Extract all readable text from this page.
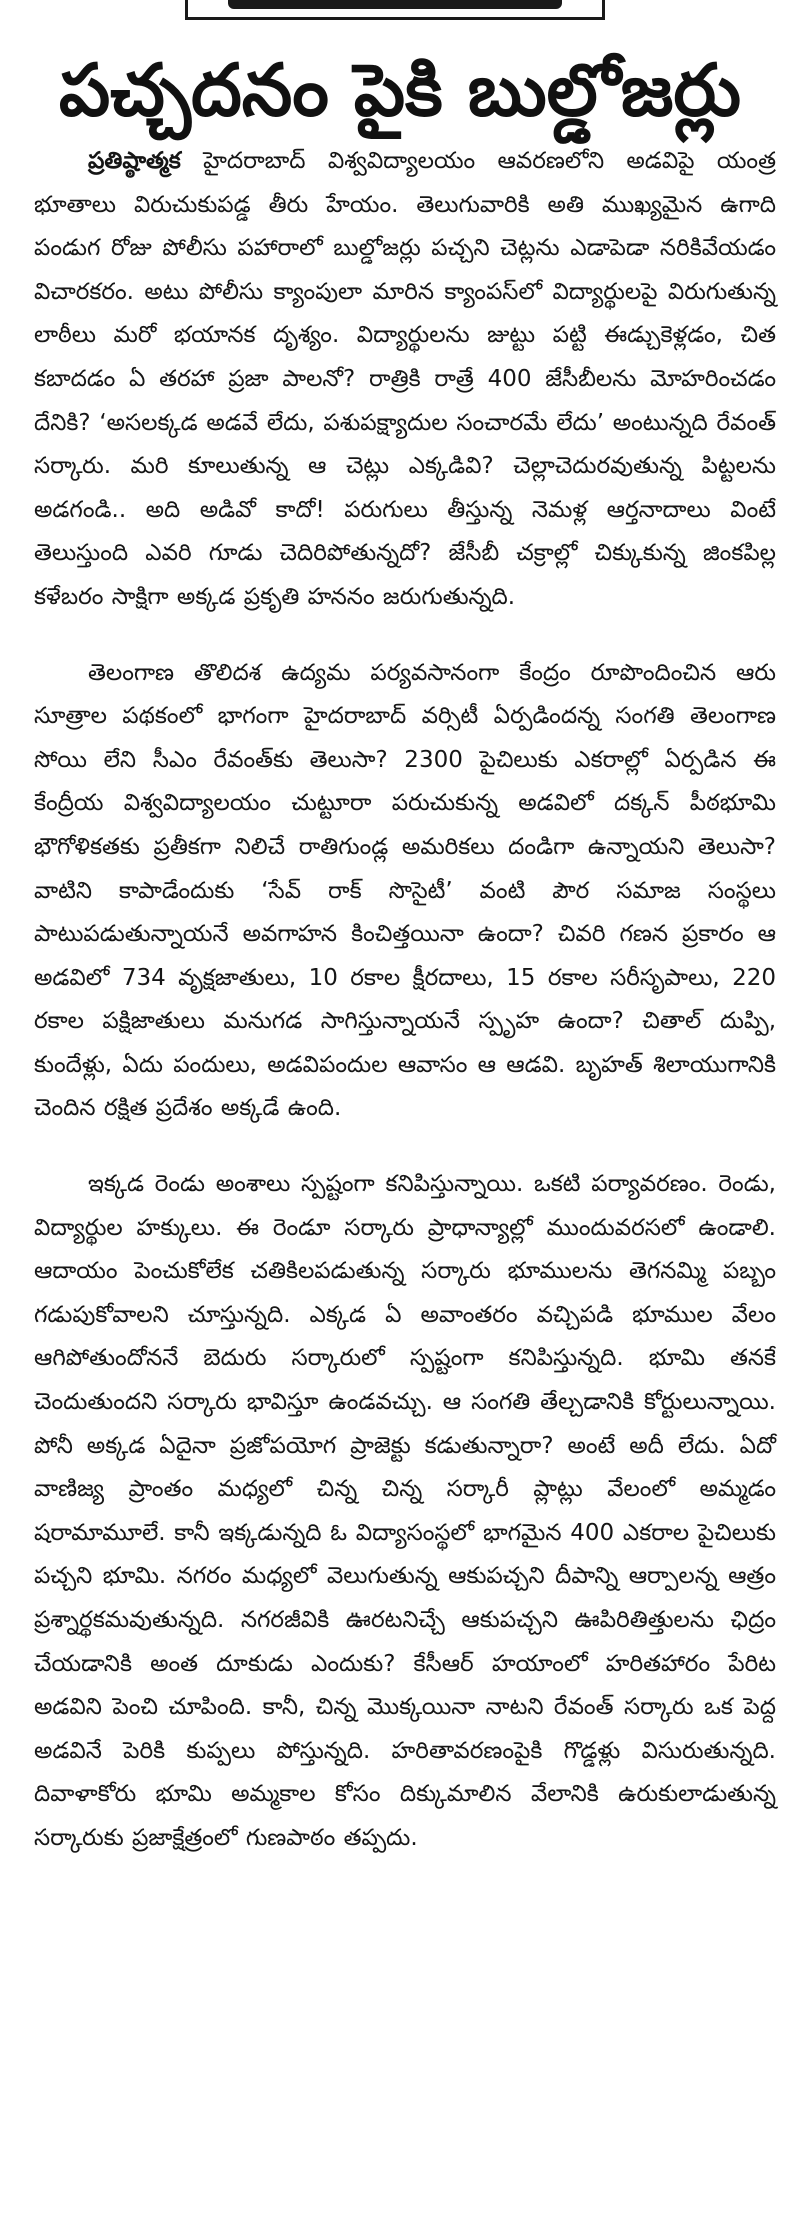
పచ్చదనం పైకి బుల్డోజర్లు

ప్రతిష్ఠాత్మక హైదరాబాద్ విశ్వవిద్యాలయం ఆవరణలోని అడవిపై యంత్ర భూతాలు విరుచుకుపడ్డ తీరు హేయం. తెలుగువారికి అతి ముఖ్యమైన ఉగాది పండుగ రోజు పోలీసు పహారాలో బుల్డోజర్లు పచ్చని చెట్లను ఎడాపెడా నరికివేయడం విచారకరం. అటు పోలీసు క్యాంపులా మారిన క్యాంపస్‌లో విద్యార్థులపై విరుగుతున్న లాఠీలు మరో భయానక దృశ్యం. విద్యార్థులను జుట్టు పట్టి ఈడ్చుకెళ్లడం, చిత కబాదడం ఏ తరహా ప్రజా పాలనో? రాత్రికి రాత్రే 400 జేసీబీలను మోహరించడం దేనికి? ‘అసలక్కడ అడవే లేదు, పశుపక్ష్యాదుల సంచారమే లేదు’ అంటున్నది రేవంత్ సర్కారు. మరి కూలుతున్న ఆ చెట్లు ఎక్కడివి? చెల్లాచెదురవుతున్న పిట్టలను అడగండి.. అది అడివో కాదో! పరుగులు తీస్తున్న నెమళ్ల ఆర్తనాదాలు వింటే తెలుస్తుంది ఎవరి గూడు చెదిరిపోతున్నదో? జేసీబీ చక్రాల్లో చిక్కుకున్న జింకపిల్ల కళేబరం సాక్షిగా అక్కడ ప్రకృతి హననం జరుగుతున్నది.

తెలంగాణ తొలిదశ ఉద్యమ పర్యవసానంగా కేంద్రం రూపొందించిన ఆరు సూత్రాల పథకంలో భాగంగా హైదరాబాద్ వర్సిటీ ఏర్పడిందన్న సంగతి తెలంగాణ సోయి లేని సీఎం రేవంత్‌కు తెలుసా? 2300 పైచిలుకు ఎకరాల్లో ఏర్పడిన ఈ కేంద్రీయ విశ్వవిద్యాలయం చుట్టూరా పరుచుకున్న అడవిలో దక్కన్ పీఠభూమి భౌగోళికతకు ప్రతీకగా నిలిచే రాతిగుండ్ల అమరికలు దండిగా ఉన్నాయని తెలుసా? వాటిని కాపాడేందుకు ‘సేవ్ రాక్ సొసైటీ’ వంటి పౌర సమాజ సంస్థలు పాటుపడుతున్నాయనే అవగాహన కించిత్తయినా ఉందా? చివరి గణన ప్రకారం ఆ అడవిలో 734 వృక్షజాతులు, 10 రకాల క్షీరదాలు, 15 రకాల సరీసృపాలు, 220 రకాల పక్షిజాతులు మనుగడ సాగిస్తున్నాయనే స్పృహ ఉందా? చితాల్ దుప్పి, కుందేళ్లు, ఏదు పందులు, అడవిపందుల ఆవాసం ఆ ఆడవి. బృహత్ శిలాయుగానికి చెందిన రక్షిత ప్రదేశం అక్కడే ఉంది.

ఇక్కడ రెండు అంశాలు స్పష్టంగా కనిపిస్తున్నాయి. ఒకటి పర్యావరణం. రెండు, విద్యార్థుల హక్కులు. ఈ రెండూ సర్కారు ప్రాధాన్యాల్లో ముందువరసలో ఉండాలి. ఆదాయం పెంచుకోలేక చతికిలపడుతున్న సర్కారు భూములను తెగనమ్మి పబ్బం గడుపుకోవాలని చూస్తున్నది. ఎక్కడ ఏ అవాంతరం వచ్చిపడి భూముల వేలం ఆగిపోతుందోననే బెదురు సర్కారులో స్పష్టంగా కనిపిస్తున్నది. భూమి తనకే చెందుతుందని సర్కారు భావిస్తూ ఉండవచ్చు. ఆ సంగతి తేల్చడానికి కోర్టులున్నాయి. పోనీ అక్కడ ఏదైనా ప్రజోపయోగ ప్రాజెక్టు కడుతున్నారా? అంటే అదీ లేదు. ఏదో వాణిజ్య ప్రాంతం మధ్యలో చిన్న చిన్న సర్కారీ ప్లాట్లు వేలంలో అమ్మడం షరామామూలే. కానీ ఇక్కడున్నది ఓ విద్యాసంస్థలో భాగమైన 400 ఎకరాల పైచిలుకు పచ్చని భూమి. నగరం మధ్యలో వెలుగుతున్న ఆకుపచ్చని దీపాన్ని ఆర్పాలన్న ఆత్రం ప్రశ్నార్థకమవుతున్నది. నగరజీవికి ఊరటనిచ్చే ఆకుపచ్చని ఊపిరితిత్తులను ఛిద్రం చేయడానికి అంత దూకుడు ఎందుకు? కేసీఆర్ హయాంలో హరితహారం పేరిట అడవిని పెంచి చూపింది. కానీ, చిన్న మొక్కయినా నాటని రేవంత్ సర్కారు ఒక పెద్ద అడవినే పెరికి కుప్పలు పోస్తున్నది. హరితావరణంపైకి గొడ్డళ్లు విసురుతున్నది. దివాళాకోరు భూమి అమ్మకాల కోసం దిక్కుమాలిన వేలానికి ఉరుకులాడుతున్న సర్కారుకు ప్రజాక్షేత్రంలో గుణపాఠం తప్పదు.
